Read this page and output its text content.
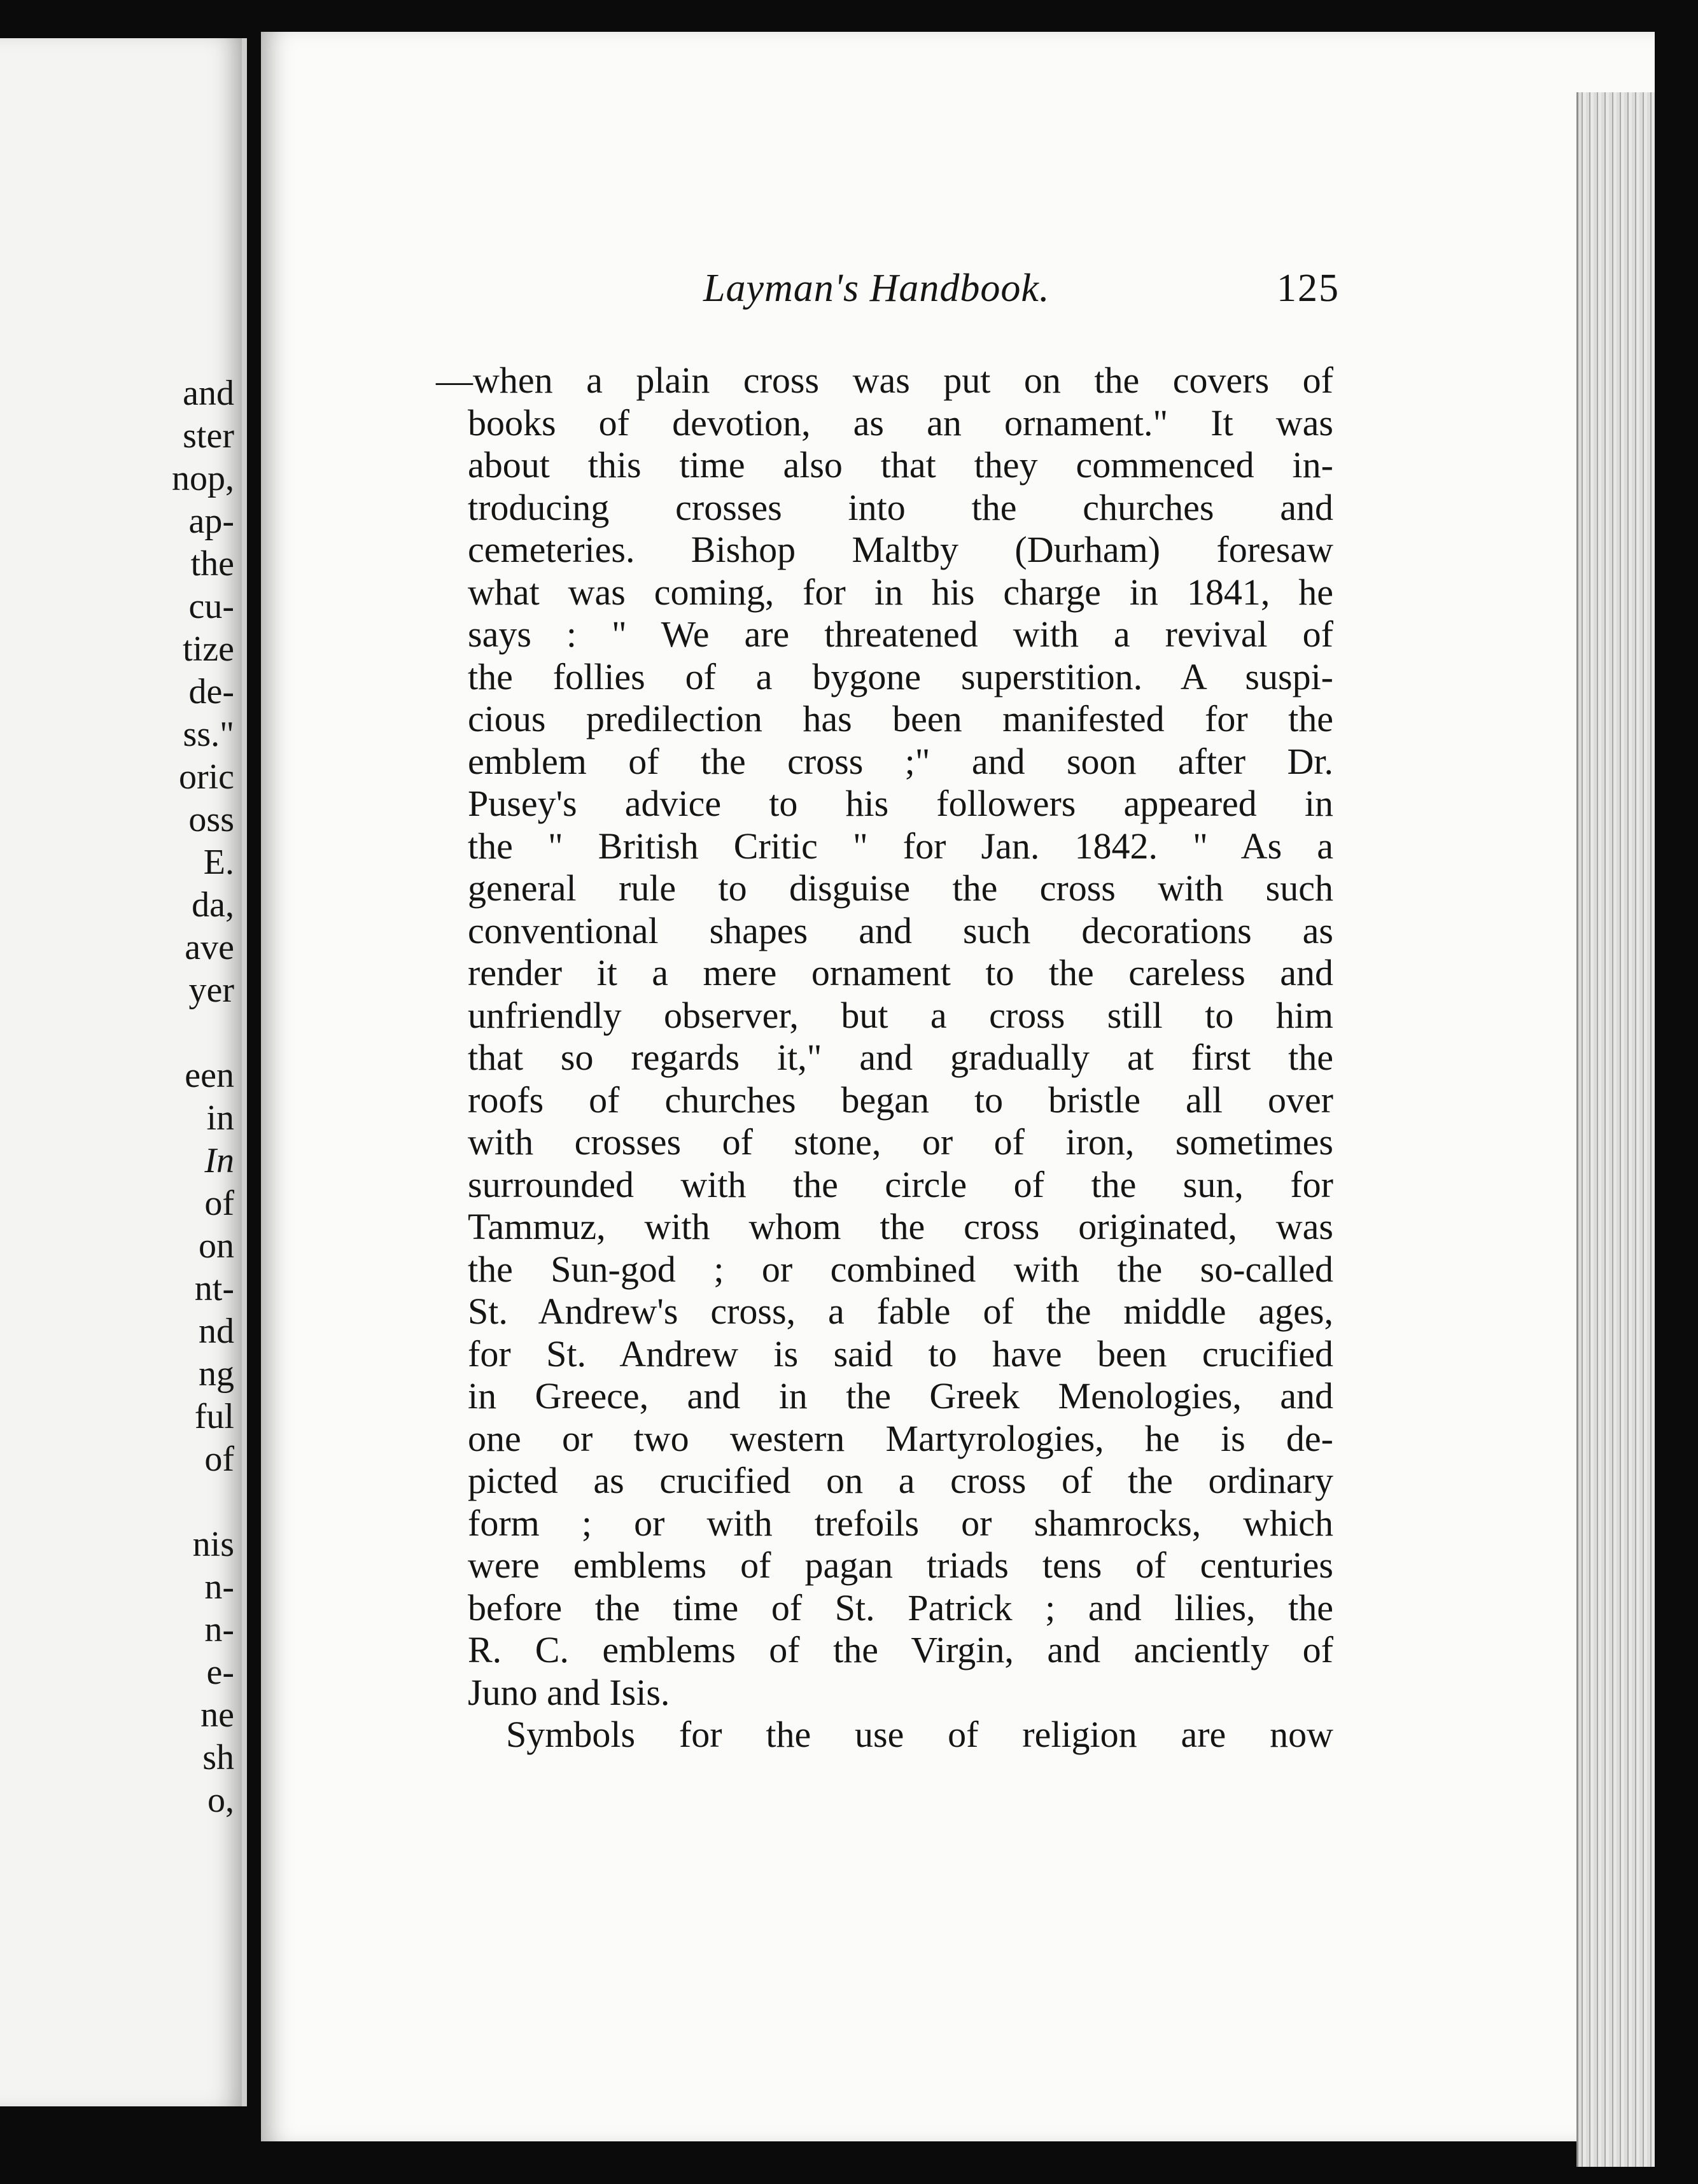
and
ster
nop,
ap-
the
cu-
tize
de-
ss."
oric
oss
E.
da,
ave
yer
een
in
In
of
on
nt-
nd
ng
ful
of
nis
n-
n-
e-
ne
sh
o,
Layman's Handbook.	125
—when a plain cross was put on the covers of
books of devotion, as an ornament." It was
about this time also that they commenced in-
troducing crosses into the churches and
cemeteries. Bishop Maltby (Durham) foresaw
what was coming, for in his charge in 1841, he
says : " We are threatened with a revival of
the follies of a bygone superstition. A suspi-
cious predilection has been manifested for the
emblem of the cross ;" and soon after Dr.
Pusey's advice to his followers appeared in
the " British Critic " for Jan. 1842. " As a
general rule to disguise the cross with such
conventional shapes and such decorations as
render it a mere ornament to the careless and
unfriendly observer, but a cross still to him
that so regards it," and gradually at first the
roofs of churches began to bristle all over
with crosses of stone, or of iron, sometimes
surrounded with the circle of the sun, for
Tammuz, with whom the cross originated, was
the Sun-god ; or combined with the so-called
St. Andrew's cross, a fable of the middle ages,
for St. Andrew is said to have been crucified
in Greece, and in the Greek Menologies, and
one or two western Martyrologies, he is de-
picted as crucified on a cross of the ordinary
form ; or with trefoils or shamrocks, which
were emblems of pagan triads tens of centuries
before the time of St. Patrick ; and lilies, the
R. C. emblems of the Virgin, and anciently of
Juno and Isis.
Symbols for the use of religion are now
